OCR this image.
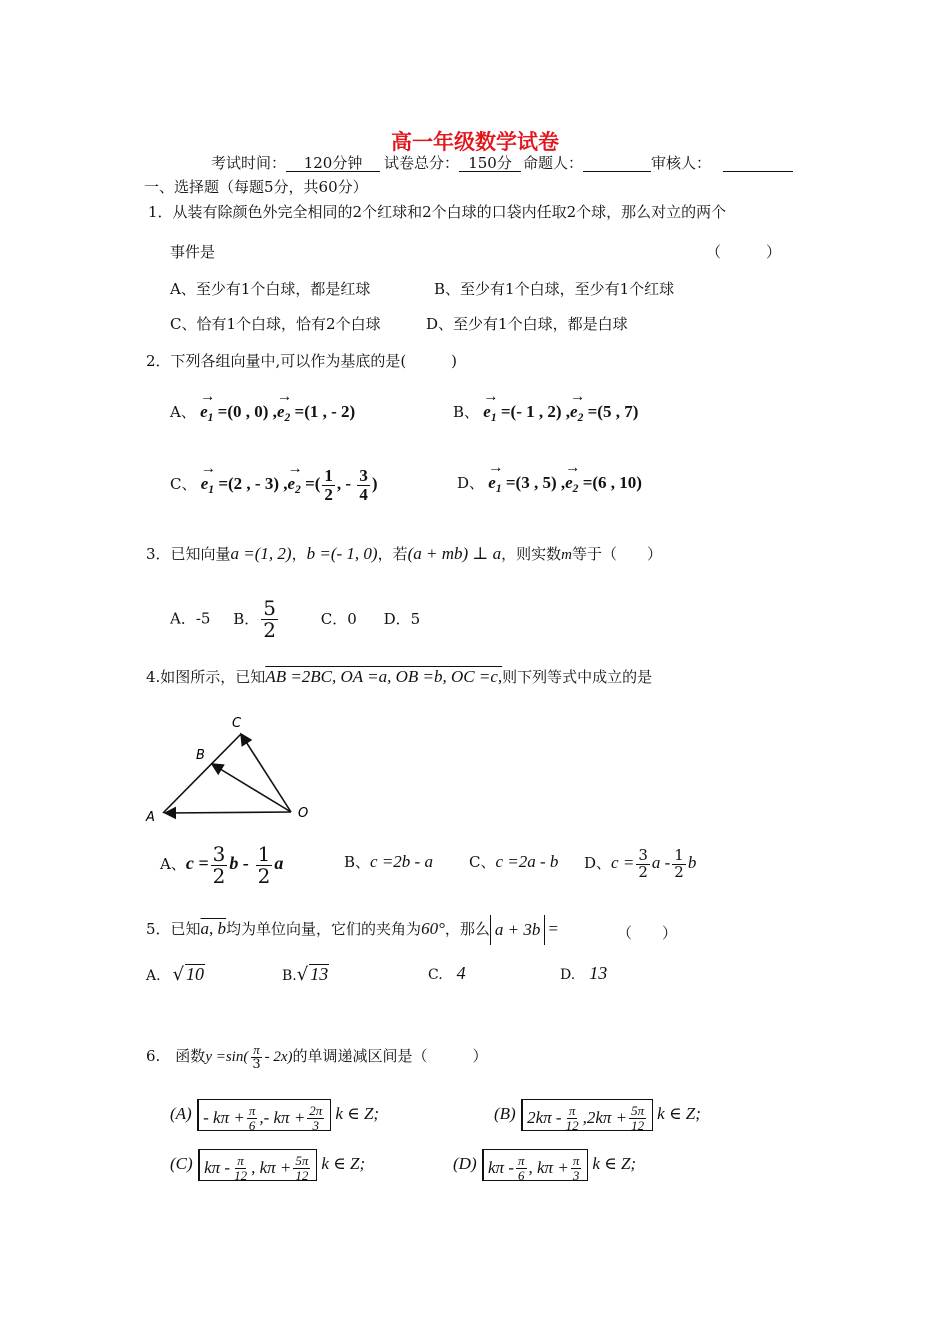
高一年级数学试卷
考试时间： 120分钟 试卷总分： 150分 命题人：	审核人：
一、选择题（每题5分，共60分）
1．从装有除颜色外完全相同的2个红球和2个白球的口袋内任取2个球，那么对立的两个
事件是	（　　　）
A、至少有1个白球，都是红球	B、至少有1个白球，至少有1个红球
C、恰有1个白球，恰有2个白球	D、至少有1个白球，都是白球
2．下列各组向量中,可以作为基底的是(　　　)
A、 → $e_1 =(0$ , 0) ,→ $e_2 =(1$ , - 2)	B、 → $e_1$ =(- 1 , 2) ,→ $e_2 =(5$ , 7)
C、 → $e_1 =(2$ , - 3) ,→ $e_2$ =( $\frac{1}{2}$ , - $\frac{3}{4}$ )	D、 → $e_1 =(3$ , 5) ,→ $e_2 =(6$ , 10)
3．已知向量a =(1, 2)，b =(- 1, 0)，若(a + mb) ⊥ a，则实数m等于（　　）
A．-5 B． $\frac{5}{2}$	C．0 D．5
4.如图所示，已知AB =2BC, OA =a, OB =b, OC =c,则下列等式中成立的是
A
B
C
O
A、$c = \frac{3}{2}$ b - $\frac{1}{2}$ a	B、c =2b - a C、c =2a - b D、$c = \frac{3}{2}$ a - $\frac{1}{2}$ b
5．已知a, b均为单位向量，它们的夹角为60°，那么 a + 3b =	（　　）
A. √ 10	B.√ 13	C. 4	D. 13
6.　函数$y =\sin( \frac{\pi}{3} - 2x)$的单调递减区间是（　　　）
$(A) - k\pi + \frac{\pi}{6}$ ,- $k\pi + \frac{2\pi}{3}$ k ∈ Z;	(B) $2k\pi - \frac{\pi}{12} ,2k\pi + \frac{5\pi}{12}$ k ∈ Z;
(C) kπ - $\frac{\pi}{12}$ , $k\pi + \frac{5\pi}{12}$ k ∈ Z;	(D) kπ - $\frac{\pi}{6}$ , $k\pi + \frac{\pi}{3}$ k ∈ Z;
